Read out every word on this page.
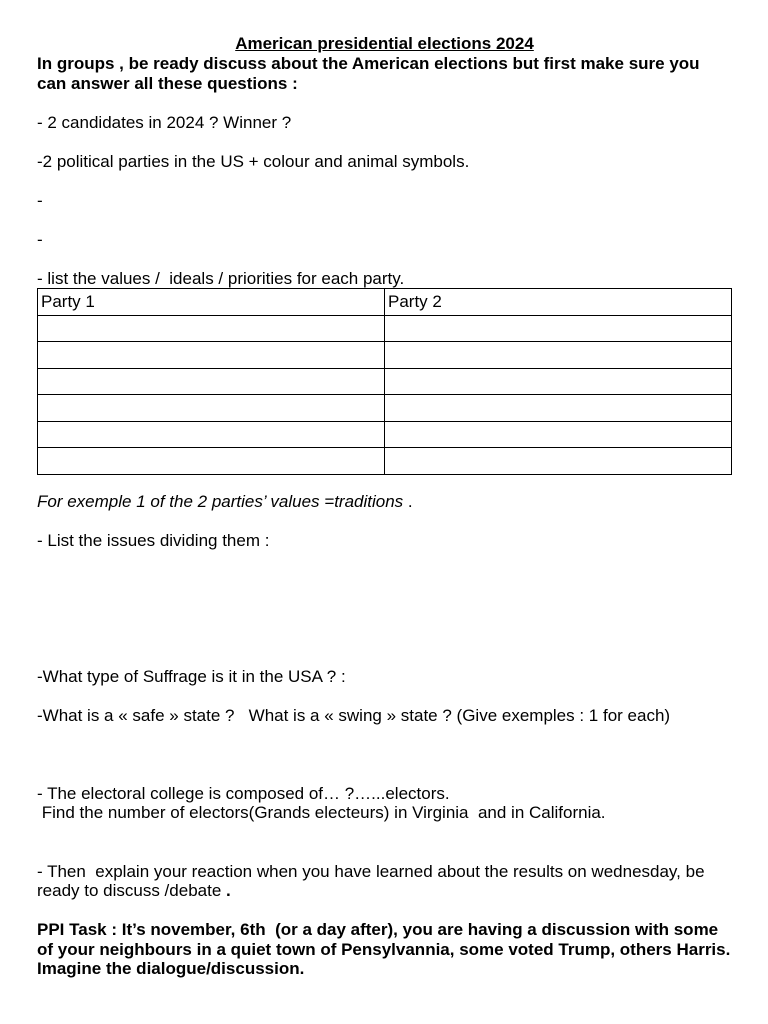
American presidential elections 2024

In groups , be ready discuss about the American elections but first make sure you can answer all these questions :

- 2 candidates in 2024 ? Winner ?

-2 political parties in the US + colour and animal symbols.

-

-

- list the values /  ideals / priorities for each party.

Party 1	Party 2

For exemple 1 of the 2 parties’ values =traditions .

- List the issues dividing them :

-What type of Suffrage is it in the USA ? :

-What is a « safe » state ?   What is a « swing » state ? (Give exemples : 1 for each)

- The electoral college is composed of… ?…...electors.

Find the number of electors(Grands electeurs) in Virginia  and in California.

- Then  explain your reaction when you have learned about the results on wednesday, be ready to discuss /debate .

PPI Task : It’s november, 6th  (or a day after), you are having a discussion with some of your neighbours in a quiet town of Pensylvannia, some voted Trump, others Harris. Imagine the dialogue/discussion.
